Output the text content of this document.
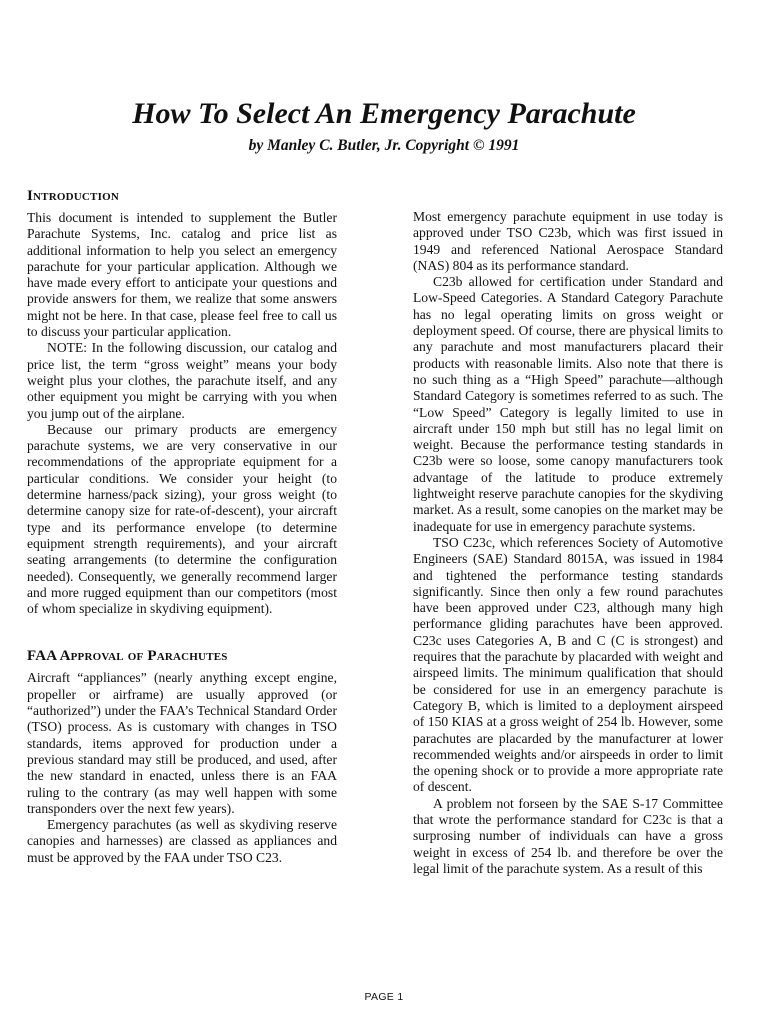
How To Select An Emergency Parachute
by Manley C. Butler, Jr. Copyright © 1991
Introduction

This document is intended to supplement the Butler Parachute Systems, Inc. catalog and price list as additional information to help you select an emergency parachute for your particular application. Although we have made every effort to anticipate your questions and provide answers for them, we realize that some answers might not be here. In that case, please feel free to call us to discuss your particular application.

NOTE: In the following discussion, our catalog and price list, the term “gross weight” means your body weight plus your clothes, the parachute itself, and any other equipment you might be carrying with you when you jump out of the airplane.

Because our primary products are emergency parachute systems, we are very conservative in our recommendations of the appropriate equipment for a particular conditions. We consider your height (to determine harness/pack sizing), your gross weight (to determine canopy size for rate-of-descent), your aircraft type and its performance envelope (to determine equipment strength requirements), and your aircraft seating arrangements (to determine the configuration needed). Consequently, we generally recommend larger and more rugged equipment than our competitors (most of whom specialize in skydiving equipment).

FAA Approval of Parachutes

Aircraft “appliances” (nearly anything except engine, propeller or airframe) are usually approved (or “authorized”) under the FAA’s Technical Standard Order (TSO) process. As is customary with changes in TSO standards, items approved for production under a previous standard may still be produced, and used, after the new standard in enacted, unless there is an FAA ruling to the contrary (as may well happen with some transponders over the next few years).

Emergency parachutes (as well as skydiving reserve canopies and harnesses) are classed as appliances and must be approved by the FAA under TSO C23.

Most emergency parachute equipment in use today is approved under TSO C23b, which was first issued in 1949 and referenced National Aerospace Standard (NAS) 804 as its performance standard.

C23b allowed for certification under Standard and Low-Speed Categories. A Standard Category Parachute has no legal operating limits on gross weight or deployment speed. Of course, there are physical limits to any parachute and most manufacturers placard their products with reasonable limits. Also note that there is no such thing as a “High Speed” parachute—although Standard Category is sometimes referred to as such. The “Low Speed” Category is legally limited to use in aircraft under 150 mph but still has no legal limit on weight. Because the performance testing standards in C23b were so loose, some canopy manufacturers took advantage of the latitude to produce extremely lightweight reserve parachute canopies for the skydiving market. As a result, some canopies on the market may be inadequate for use in emergency parachute systems.

TSO C23c, which references Society of Automotive Engineers (SAE) Standard 8015A, was issued in 1984 and tightened the performance testing standards significantly. Since then only a few round parachutes have been approved under C23, although many high performance gliding parachutes have been approved. C23c uses Categories A, B and C (C is strongest) and requires that the parachute by placarded with weight and airspeed limits. The minimum qualification that should be considered for use in an emergency parachute is Category B, which is limited to a deployment airspeed of 150 KIAS at a gross weight of 254 lb. However, some parachutes are placarded by the manufacturer at lower recommended weights and/or airspeeds in order to limit the opening shock or to provide a more appropriate rate of descent.

A problem not forseen by the SAE S-17 Committee that wrote the performance standard for C23c is that a surprosing number of individuals can have a gross weight in excess of 254 lb. and therefore be over the legal limit of the parachute system. As a result of this

PAGE 1
